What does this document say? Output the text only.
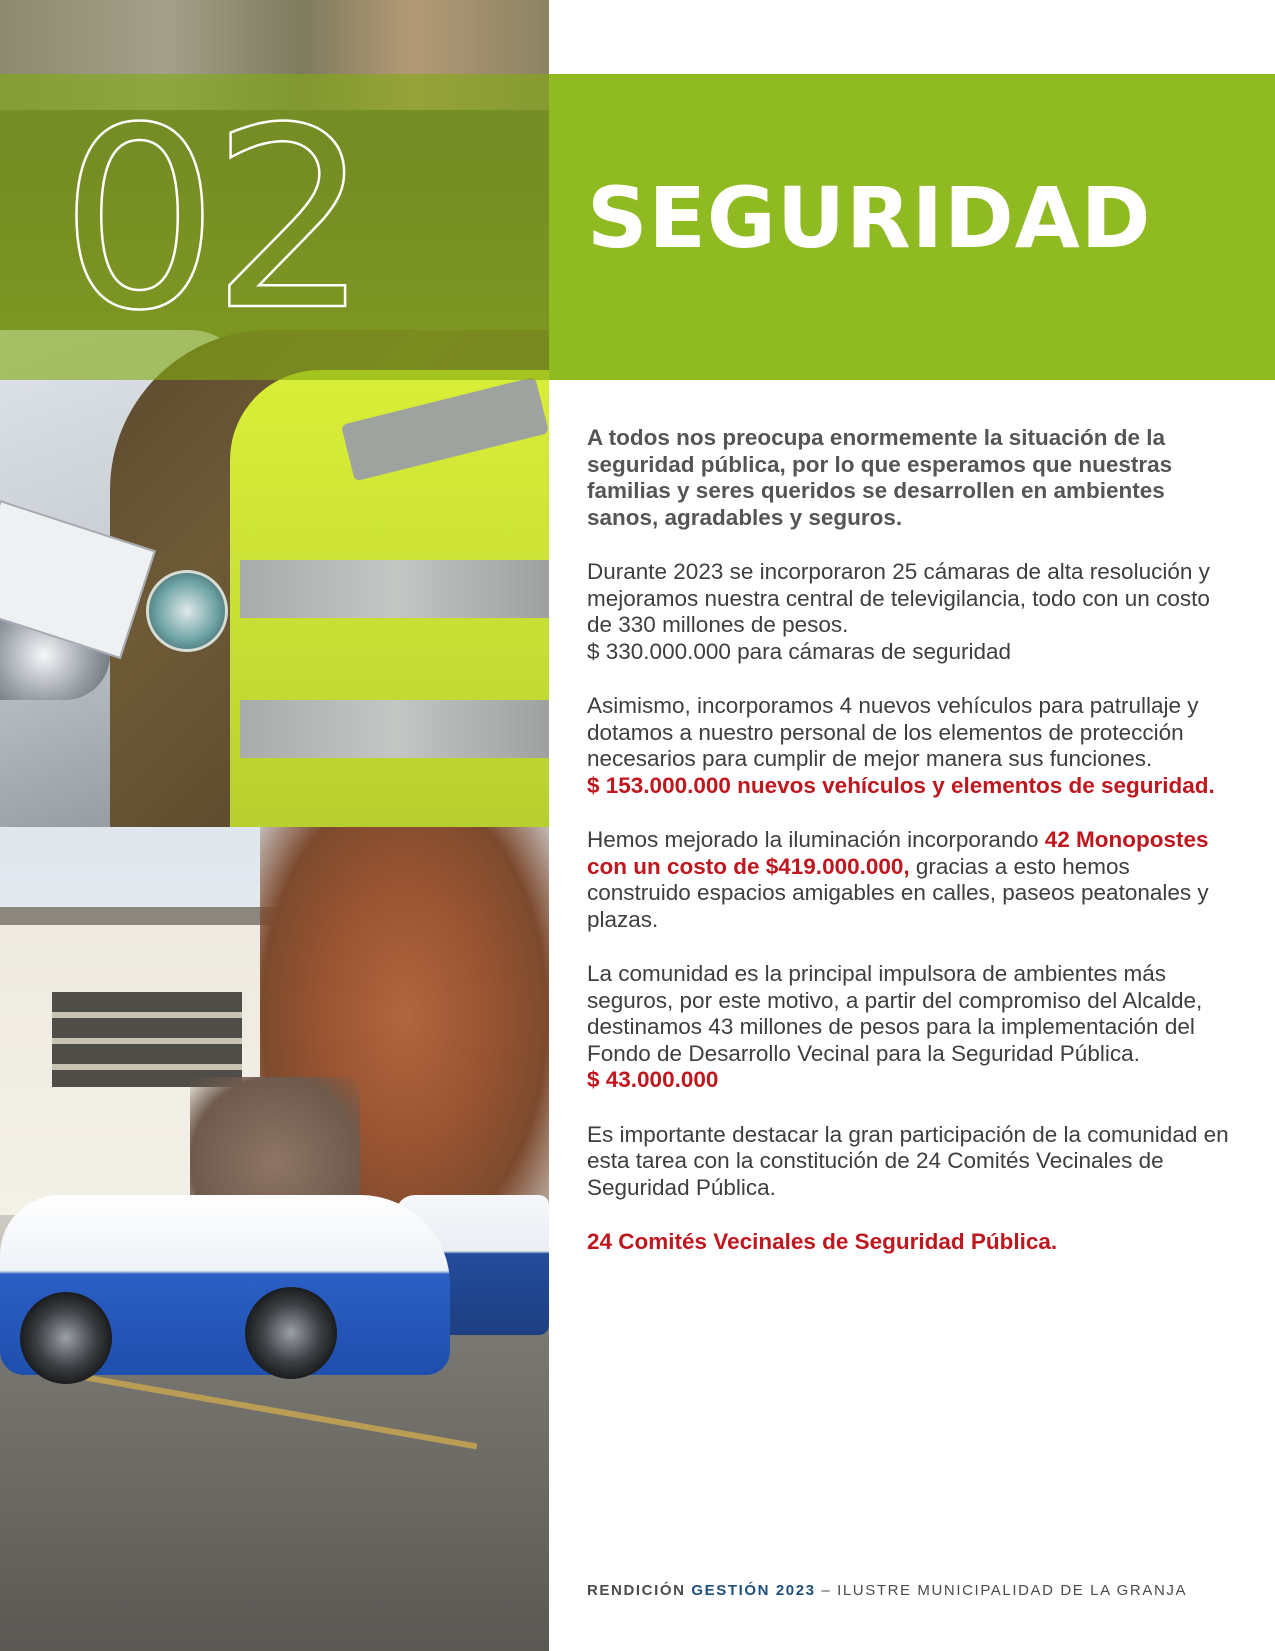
02	SEGURIDAD

A todos nos preocupa enormemente la situación de la seguridad pública, por lo que esperamos que nuestras familias y seres queridos se desarrollen en ambientes sanos, agradables y seguros.

Durante 2023 se incorporaron 25 cámaras de alta resolución y mejoramos nuestra central de televigilancia, todo con un costo de 330 millones de pesos.
$ 330.000.000 para cámaras de seguridad

Asimismo, incorporamos 4 nuevos vehículos para patrullaje y dotamos a nuestro personal de los elementos de protección necesarios para cumplir de mejor manera sus funciones.
$ 153.000.000 nuevos vehículos y elementos de seguridad.

Hemos mejorado la iluminación incorporando 42 Monopostes con un costo de $419.000.000, gracias a esto hemos construido espacios amigables en calles, paseos peatonales y plazas.

La comunidad es la principal impulsora de ambientes más seguros, por este motivo, a partir del compromiso del Alcalde, destinamos 43 millones de pesos para la implementación del Fondo de Desarrollo Vecinal para la Seguridad Pública.
$ 43.000.000

Es importante destacar la gran participación de la comunidad en esta tarea con la constitución de 24 Comités Vecinales de Seguridad Pública.

24 Comités Vecinales de Seguridad Pública.

RENDICIÓN GESTIÓN 2023 – ILUSTRE MUNICIPALIDAD DE LA GRANJA
